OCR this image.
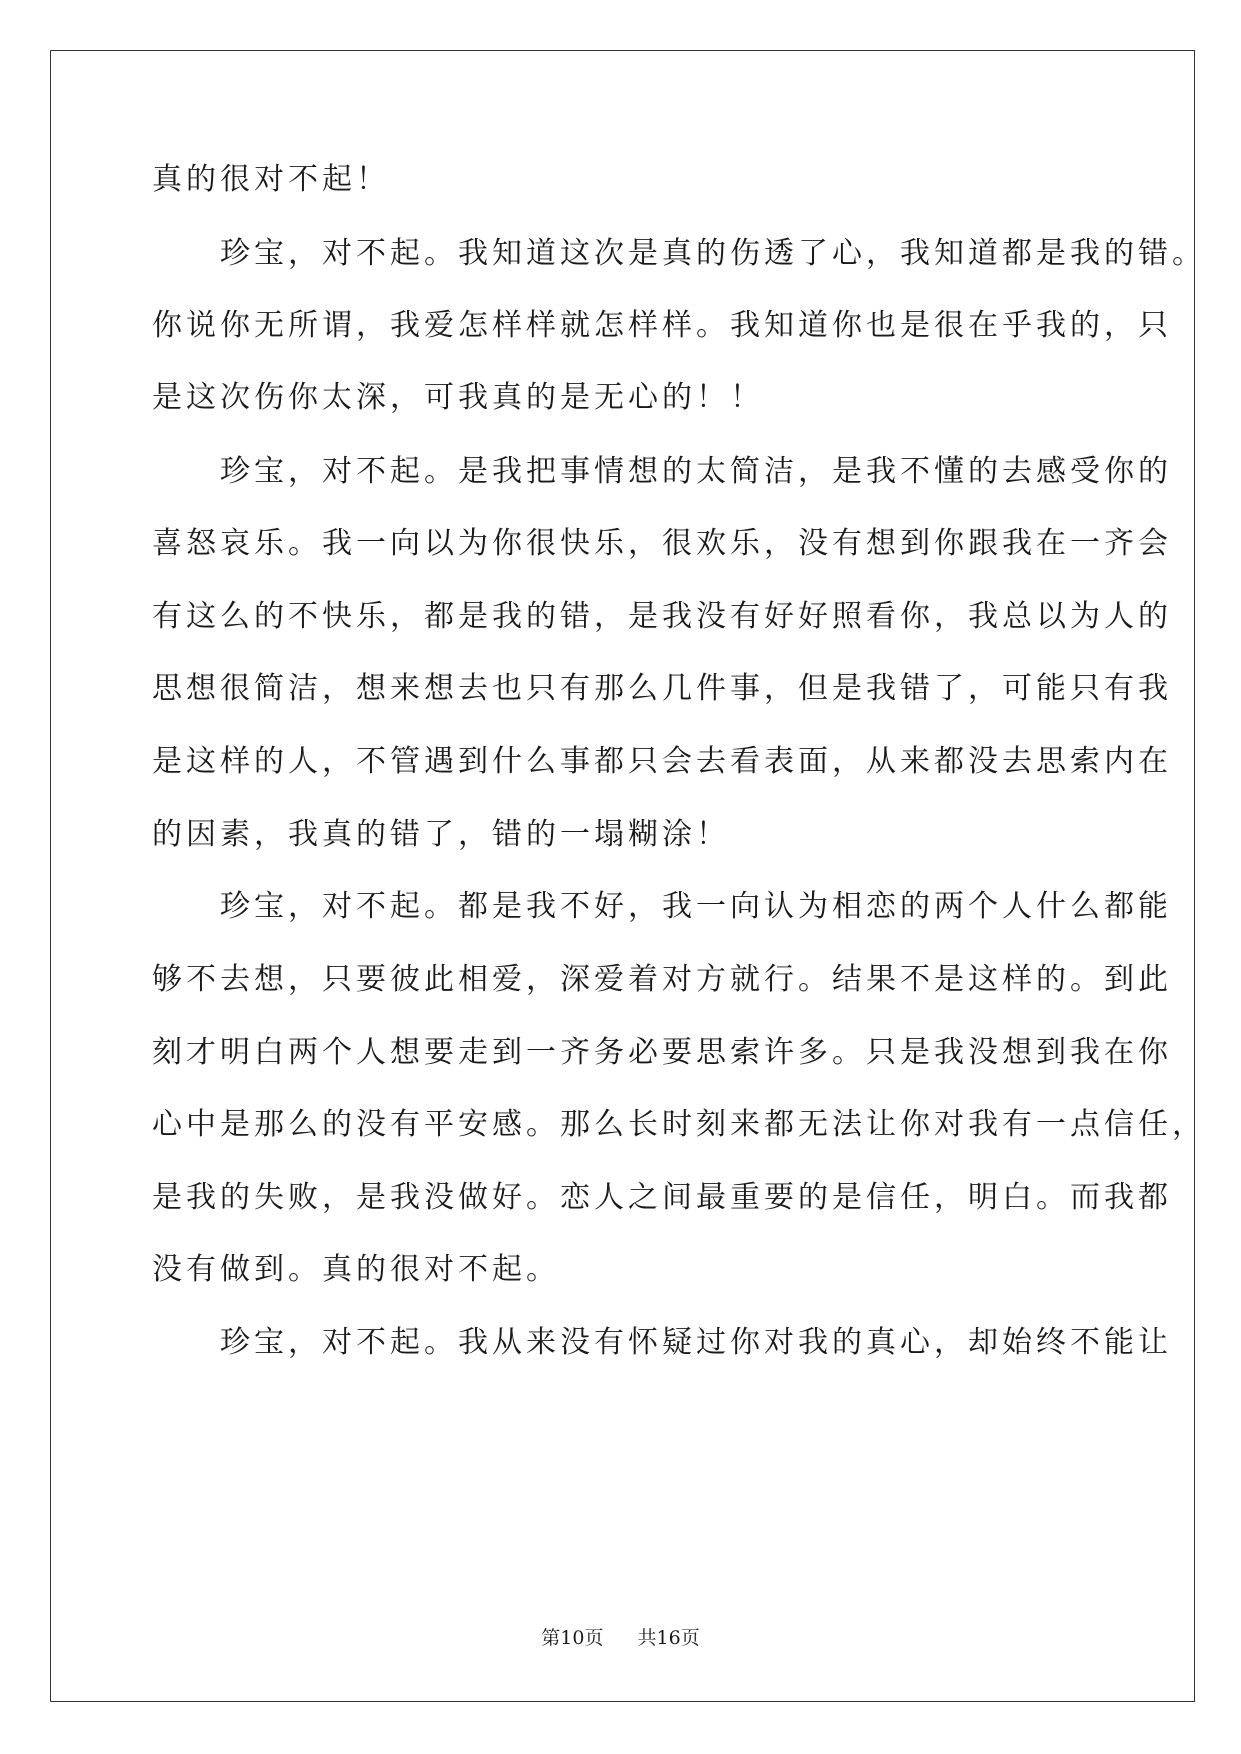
真的很对不起！
　　珍宝，对不起。我知道这次是真的伤透了心，我知道都是我的错。
你说你无所谓，我爱怎样样就怎样样。我知道你也是很在乎我的，只
是这次伤你太深，可我真的是无心的！！
　　珍宝，对不起。是我把事情想的太简洁，是我不懂的去感受你的
喜怒哀乐。我一向以为你很快乐，很欢乐，没有想到你跟我在一齐会
有这么的不快乐，都是我的错，是我没有好好照看你，我总以为人的
思想很简洁，想来想去也只有那么几件事，但是我错了，可能只有我
是这样的人，不管遇到什么事都只会去看表面，从来都没去思索内在
的因素，我真的错了，错的一塌糊涂！
　　珍宝，对不起。都是我不好，我一向认为相恋的两个人什么都能
够不去想，只要彼此相爱，深爱着对方就行。结果不是这样的。到此
刻才明白两个人想要走到一齐务必要思索许多。只是我没想到我在你
心中是那么的没有平安感。那么长时刻来都无法让你对我有一点信任，
是我的失败，是我没做好。恋人之间最重要的是信任，明白。而我都
没有做到。真的很对不起。
　　珍宝，对不起。我从来没有怀疑过你对我的真心，却始终不能让
第10页 共16页
